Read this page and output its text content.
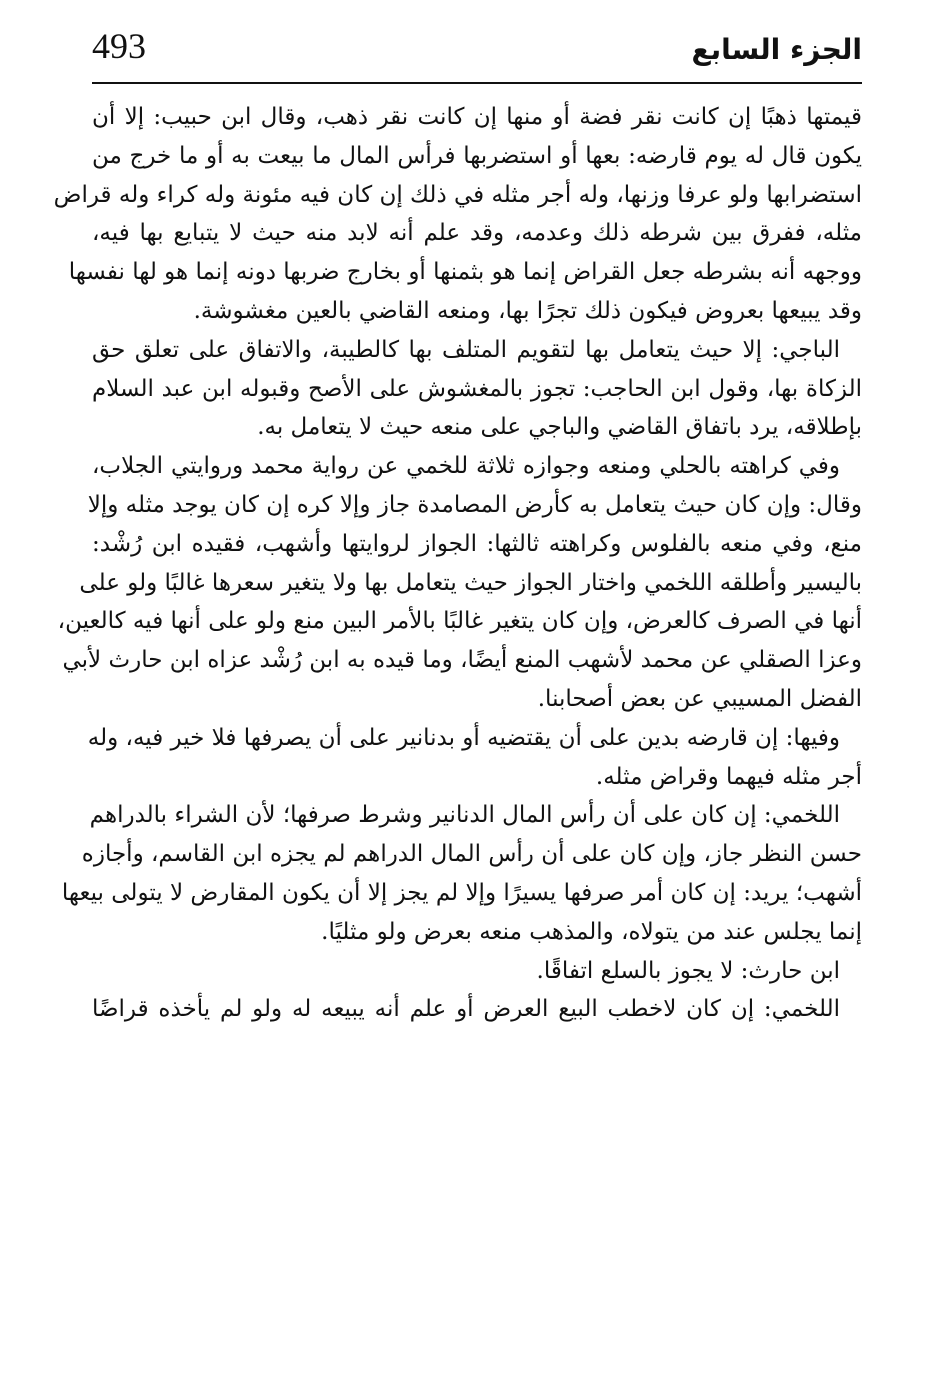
493	الجزء السابع
قيمتها ذهبًا إن كانت نقر فضة أو منها إن كانت نقر ذهب، وقال ابن حبيب: إلا أن
يكون قال له يوم قارضه: بعها أو استضربها فرأس المال ما بيعت به أو ما خرج من
استضرابها ولو عرفا وزنها، وله أجر مثله في ذلك إن كان فيه مئونة وله كراء وله قراض
مثله، ففرق بين شرطه ذلك وعدمه، وقد علم أنه لابد منه حيث لا يتبايع بها فيه،
ووجهه أنه بشرطه جعل القراض إنما هو بثمنها أو بخارج ضربها دونه إنما هو لها نفسها
وقد يبيعها بعروض فيكون ذلك تجرًا بها، ومنعه القاضي بالعين مغشوشة.
الباجي: إلا حيث يتعامل بها لتقويم المتلف بها كالطيبة، والاتفاق على تعلق حق
الزكاة بها، وقول ابن الحاجب: تجوز بالمغشوش على الأصح وقبوله ابن عبد السلام
بإطلاقه، يرد باتفاق القاضي والباجي على منعه حيث لا يتعامل به.
وفي كراهته بالحلي ومنعه وجوازه ثلاثة للخمي عن رواية محمد وروايتي الجلاب،
وقال: وإن كان حيث يتعامل به كأرض المصامدة جاز وإلا كره إن كان يوجد مثله وإلا
منع، وفي منعه بالفلوس وكراهته ثالثها: الجواز لروايتها وأشهب، فقيده ابن رُشْد:
باليسير وأطلقه اللخمي واختار الجواز حيث يتعامل بها ولا يتغير سعرها غالبًا ولو على
أنها في الصرف كالعرض، وإن كان يتغير غالبًا بالأمر البين منع ولو على أنها فيه كالعين،
وعزا الصقلي عن محمد لأشهب المنع أيضًا، وما قيده به ابن رُشْد عزاه ابن حارث لأبي
الفضل المسيبي عن بعض أصحابنا.
وفيها: إن قارضه بدين على أن يقتضيه أو بدنانير على أن يصرفها فلا خير فيه، وله
أجر مثله فيهما وقراض مثله.
اللخمي: إن كان على أن رأس المال الدنانير وشرط صرفها؛ لأن الشراء بالدراهم
حسن النظر جاز، وإن كان على أن رأس المال الدراهم لم يجزه ابن القاسم، وأجازه
أشهب؛ يريد: إن كان أمر صرفها يسيرًا وإلا لم يجز إلا أن يكون المقارض لا يتولى بيعها
إنما يجلس عند من يتولاه، والمذهب منعه بعرض ولو مثليًا.
ابن حارث: لا يجوز بالسلع اتفاقًا.
اللخمي: إن كان لاخطب البيع العرض أو علم أنه يبيعه له ولو لم يأخذه قراضًا
